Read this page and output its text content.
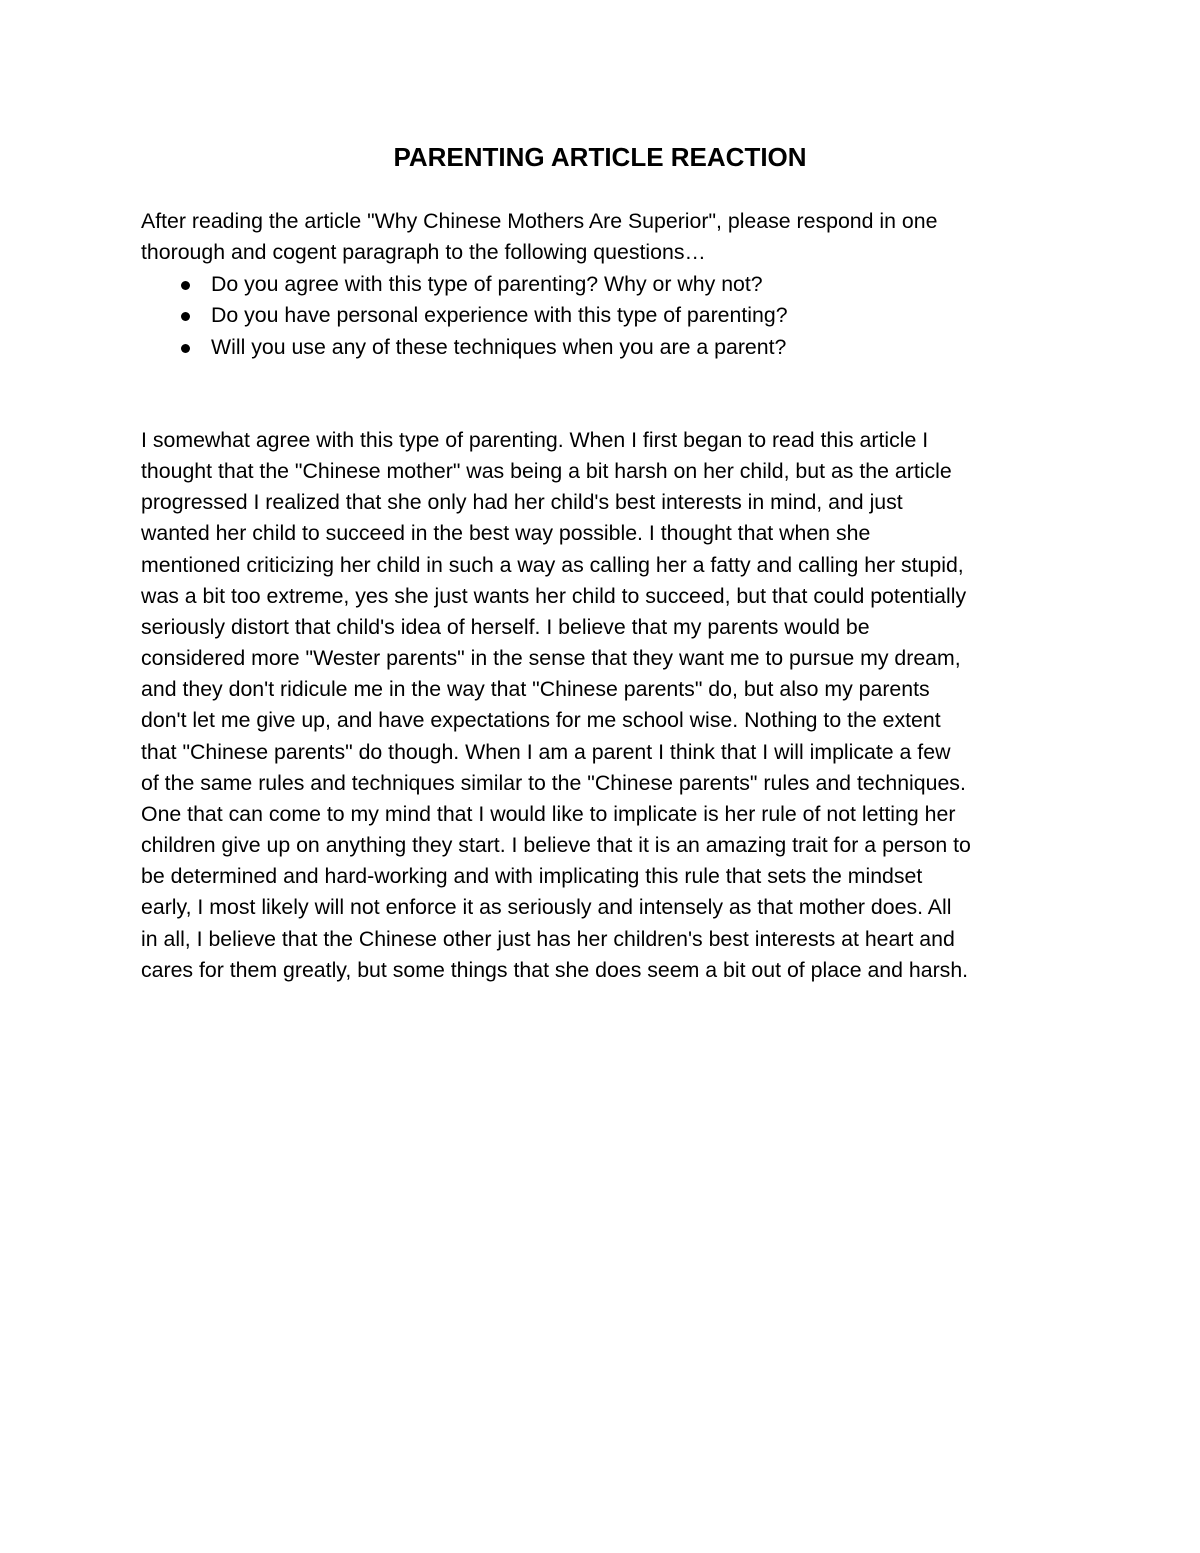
PARENTING ARTICLE REACTION

After reading the article "Why Chinese Mothers Are Superior", please respond in one
thorough and cogent paragraph to the following questions…

Do you agree with this type of parenting? Why or why not?
Do you have personal experience with this type of parenting?
Will you use any of these techniques when you are a parent?

I somewhat agree with this type of parenting. When I first began to read this article I
thought that the "Chinese mother" was being a bit harsh on her child, but as the article
progressed I realized that she only had her child's best interests in mind, and just
wanted her child to succeed in the best way possible. I thought that when she
mentioned criticizing her child in such a way as calling her a fatty and calling her stupid,
was a bit too extreme, yes she just wants her child to succeed, but that could potentially
seriously distort that child's idea of herself. I believe that my parents would be
considered more "Wester parents" in the sense that they want me to pursue my dream,
and they don't ridicule me in the way that "Chinese parents" do, but also my parents
don't let me give up, and have expectations for me school wise. Nothing to the extent
that "Chinese parents" do though. When I am a parent I think that I will implicate a few
of the same rules and techniques similar to the "Chinese parents" rules and techniques.
One that can come to my mind that I would like to implicate is her rule of not letting her
children give up on anything they start. I believe that it is an amazing trait for a person to
be determined and hard-working and with implicating this rule that sets the mindset
early, I most likely will not enforce it as seriously and intensely as that mother does. All
in all, I believe that the Chinese other just has her children's best interests at heart and
cares for them greatly, but some things that she does seem a bit out of place and harsh.
